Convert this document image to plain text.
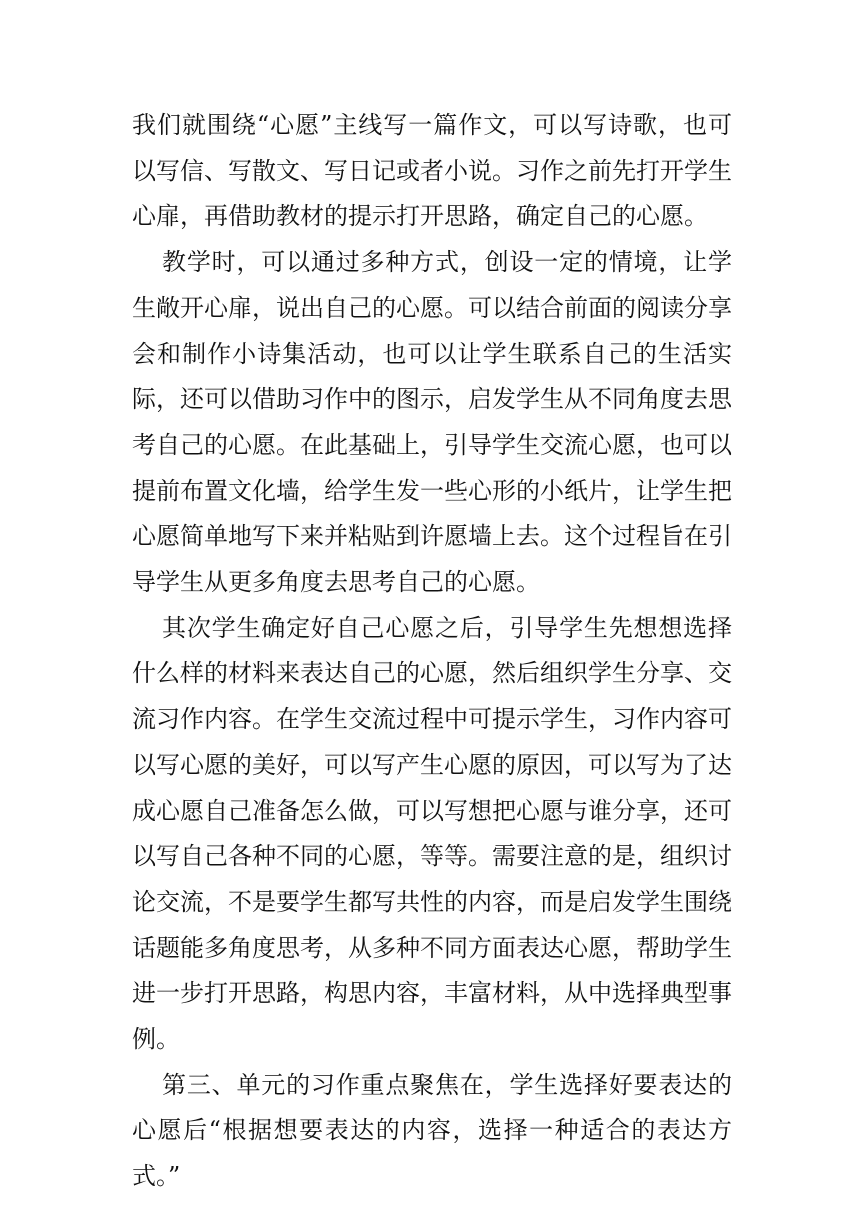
我们就围绕“心愿”主线写一篇作文，可以写诗歌，也可以写信、写散文、写日记或者小说。习作之前先打开学生心扉，再借助教材的提示打开思路，确定自己的心愿。

教学时，可以通过多种方式，创设一定的情境，让学生敞开心扉，说出自己的心愿。可以结合前面的阅读分享会和制作小诗集活动，也可以让学生联系自己的生活实际，还可以借助习作中的图示，启发学生从不同角度去思考自己的心愿。在此基础上，引导学生交流心愿，也可以提前布置文化墙，给学生发一些心形的小纸片，让学生把心愿简单地写下来并粘贴到许愿墙上去。这个过程旨在引导学生从更多角度去思考自己的心愿。

其次学生确定好自己心愿之后，引导学生先想想选择什么样的材料来表达自己的心愿，然后组织学生分享、交流习作内容。在学生交流过程中可提示学生，习作内容可以写心愿的美好，可以写产生心愿的原因，可以写为了达成心愿自己准备怎么做，可以写想把心愿与谁分享，还可以写自己各种不同的心愿，等等。需要注意的是，组织讨论交流，不是要学生都写共性的内容，而是启发学生围绕话题能多角度思考，从多种不同方面表达心愿，帮助学生进一步打开思路，构思内容，丰富材料，从中选择典型事例。

第三、单元的习作重点聚焦在，学生选择好要表达的心愿后“根据想要表达的内容，选择一种适合的表达方式。”
